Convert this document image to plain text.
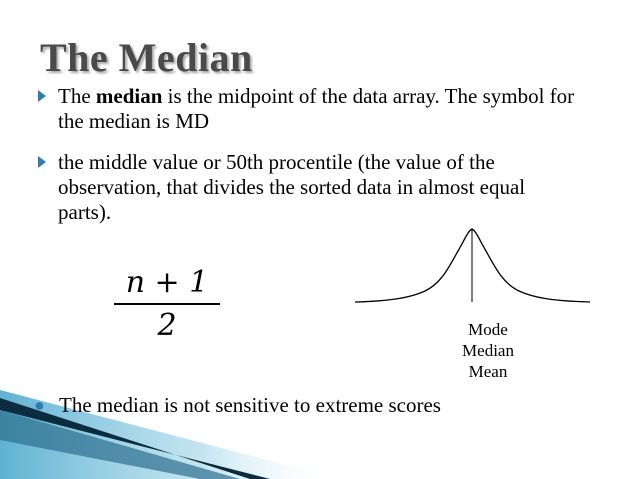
The Median
The median is the midpoint of the data array. The symbol for the median is MD
the middle value or 50th procentile (the value of the observation, that divides the sorted data in almost equal parts).
n + 1
2	Mode
Median
Mean
● The median is not sensitive to extreme scores
